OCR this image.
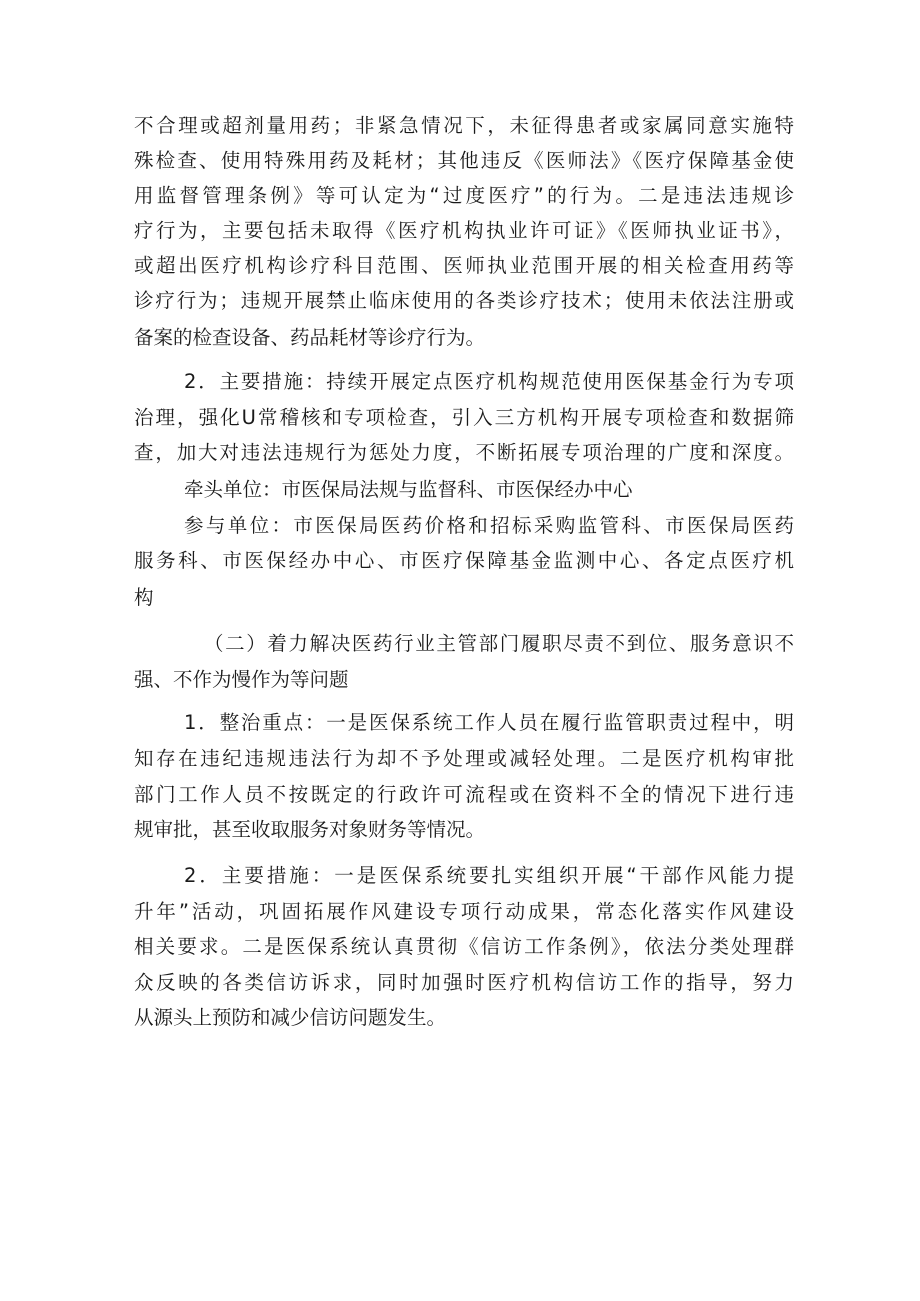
不合理或超剂量用药；非紧急情况下，未征得患者或家属同意实施特
殊检查、使用特殊用药及耗材；其他违反《医师法》《医疗保障基金使
用监督管理条例》等可认定为“过度医疗”的行为。二是违法违规诊
疗行为，主要包括未取得《医疗机构执业许可证》《医师执业证书》，
或超出医疗机构诊疗科目范围、医师执业范围开展的相关检查用药等
诊疗行为；违规开展禁止临床使用的各类诊疗技术；使用未依法注册或
备案的检查设备、药品耗材等诊疗行为。
2．主要措施：持续开展定点医疗机构规范使用医保基金行为专项
治理，强化U常稽核和专项检查，引入三方机构开展专项检查和数据筛
查，加大对违法违规行为惩处力度，不断拓展专项治理的广度和深度。
牵头单位：市医保局法规与监督科、市医保经办中心
参与单位：市医保局医药价格和招标采购监管科、市医保局医药
服务科、市医保经办中心、市医疗保障基金监测中心、各定点医疗机
构
（二）着力解决医药行业主管部门履职尽责不到位、服务意识不
强、不作为慢作为等问题
1．整治重点：一是医保系统工作人员在履行监管职责过程中，明
知存在违纪违规违法行为却不予处理或减轻处理。二是医疗机构审批
部门工作人员不按既定的行政许可流程或在资料不全的情况下进行违
规审批，甚至收取服务对象财务等情况。
2．主要措施：一是医保系统要扎实组织开展“干部作风能力提
升年”活动，巩固拓展作风建设专项行动成果，常态化落实作风建设
相关要求。二是医保系统认真贯彻《信访工作条例》，依法分类处理群
众反映的各类信访诉求，同时加强时医疗机构信访工作的指导，努力
从源头上预防和减少信访问题发生。
